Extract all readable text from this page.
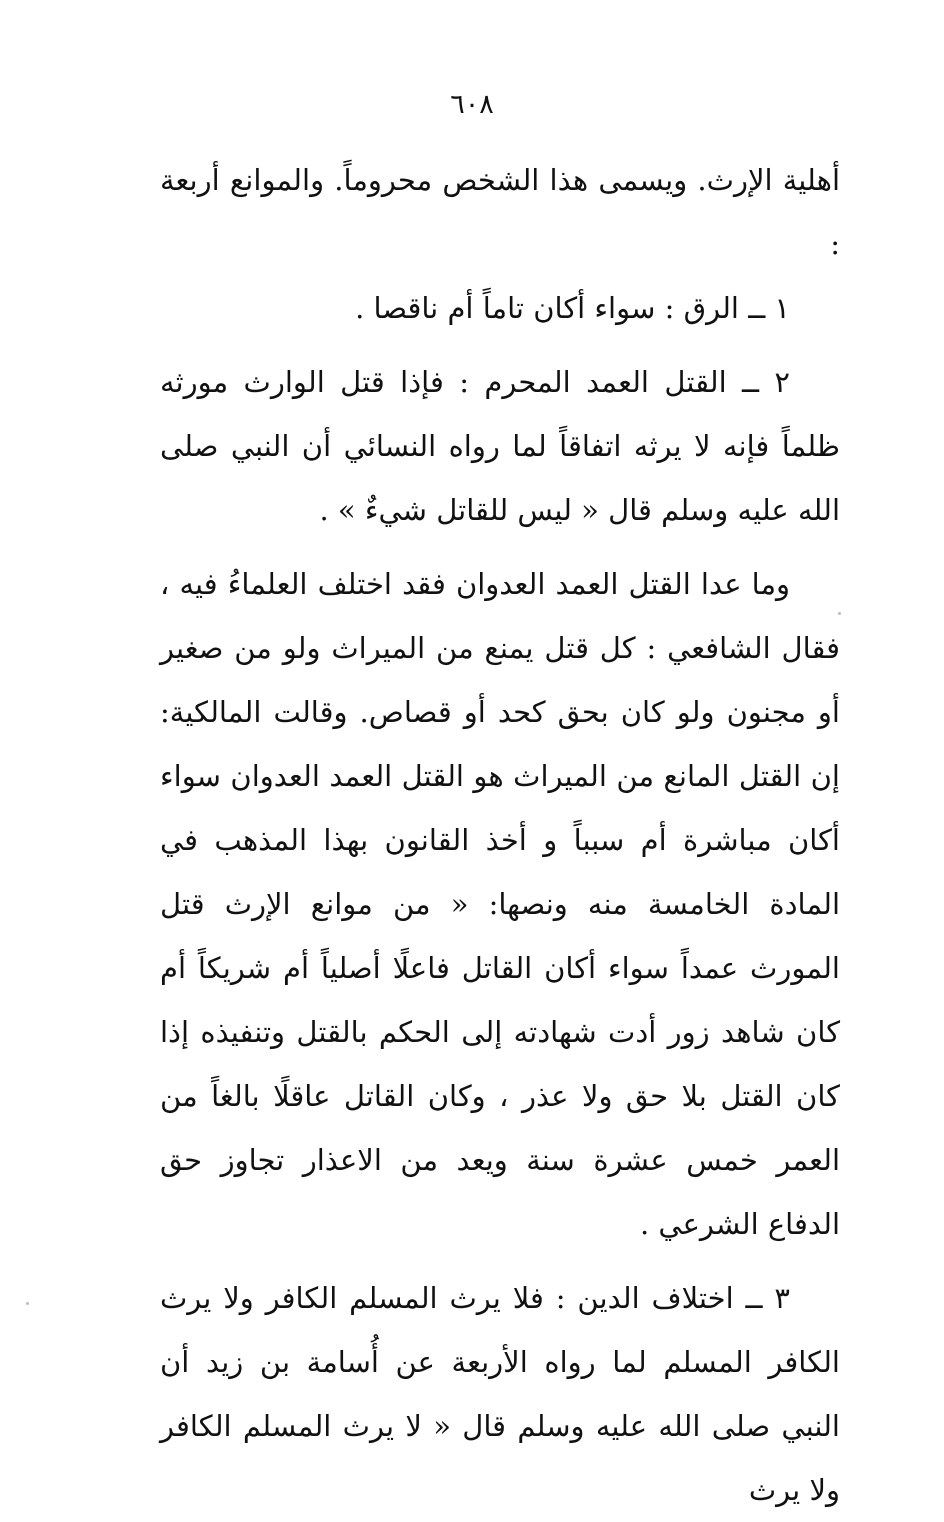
٦٠٨

أهلية الإرث. ويسمى هذا الشخص محروماً. والموانع أربعة :

١ ــ الرق : سواء أكان تاماً أم ناقصا .

٢ ــ القتل العمد المحرم : فإذا قتل الوارث مورثه ظلماً فإنه لا يرثه اتفاقاً لما رواه النسائي أن النبي صلى الله عليه وسلم قال « ليس للقاتل شيءٌ » .

وما عدا القتل العمد العدوان فقد اختلف العلماءُ فيه ، فقال الشافعي : كل قتل يمنع من الميراث ولو من صغير أو مجنون ولو كان بحق كحد أو قصاص. وقالت المالكية: إن القتل المانع من الميراث هو القتل العمد العدوان سواء أكان مباشرة أم سبباً و أخذ القانون بهذا المذهب في المادة الخامسة منه ونصها: « من موانع الإرث قتل المورث عمداً سواء أكان القاتل فاعلًا أصلياً أم شريكاً أم كان شاهد زور أدت شهادته إلى الحكم بالقتل وتنفيذه إذا كان القتل بلا حق ولا عذر ، وكان القاتل عاقلًا بالغاً من العمر خمس عشرة سنة ويعد من الاعذار تجاوز حق الدفاع الشرعي .

٣ ــ اختلاف الدين : فلا يرث المسلم الكافر ولا يرث الكافر المسلم لما رواه الأربعة عن أُسامة بن زيد أن النبي صلى الله عليه وسلم قال « لا يرث المسلم الكافر ولا يرث
